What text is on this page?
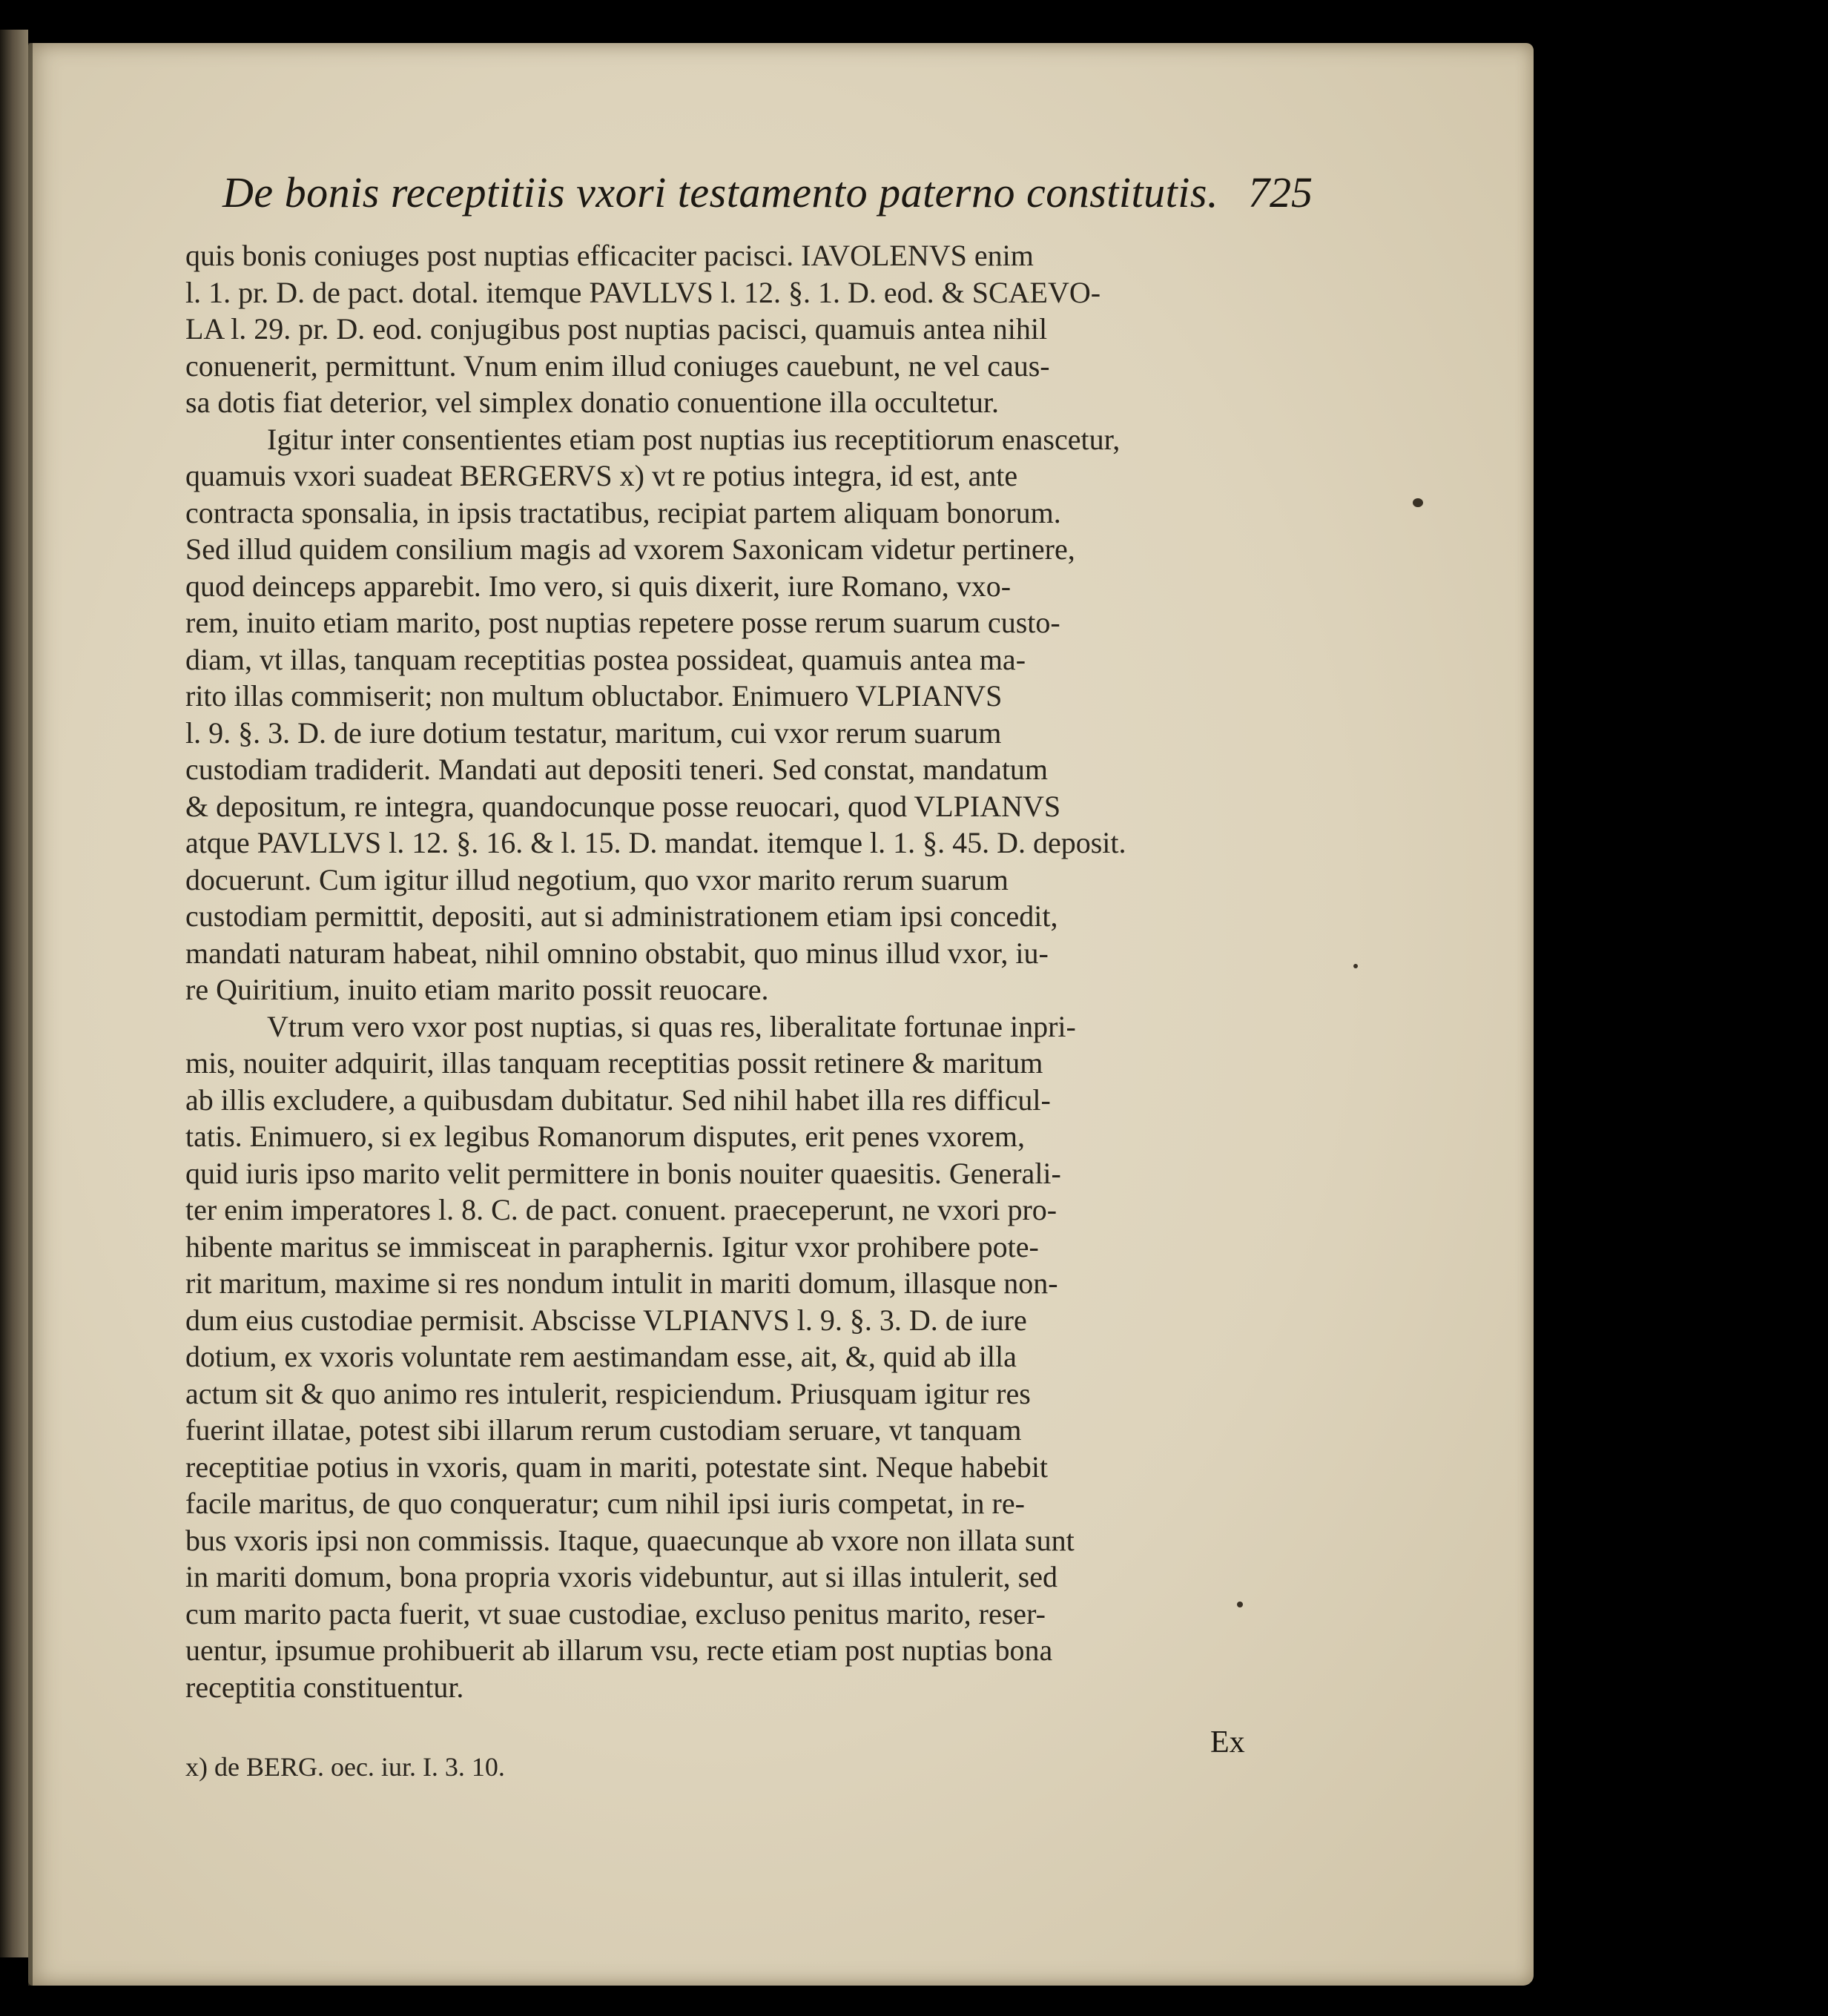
De bonis receptitiis vxori testamento paterno constitutis. 725
quis bonis coniuges post nuptias efficaciter pacisci. IAVOLENVS enim
l. 1. pr. D. de pact. dotal. itemque PAVLLVS l. 12. §. 1. D. eod. & SCAEVO-
LA l. 29. pr. D. eod. conjugibus post nuptias pacisci, quamuis antea nihil
conuenerit, permittunt. Vnum enim illud coniuges cauebunt, ne vel caus-
sa dotis fiat deterior, vel simplex donatio conuentione illa occultetur.
Igitur inter consentientes etiam post nuptias ius receptitiorum enascetur,
quamuis vxori suadeat BERGERVS x) vt re potius integra, id est, ante
contracta sponsalia, in ipsis tractatibus, recipiat partem aliquam bonorum.
Sed illud quidem consilium magis ad vxorem Saxonicam videtur pertinere,
quod deinceps apparebit. Imo vero, si quis dixerit, iure Romano, vxo-
rem, inuito etiam marito, post nuptias repetere posse rerum suarum custo-
diam, vt illas, tanquam receptitias postea possideat, quamuis antea ma-
rito illas commiserit; non multum obluctabor. Enimuero VLPIANVS
l. 9. §. 3. D. de iure dotium testatur, maritum, cui vxor rerum suarum
custodiam tradiderit. Mandati aut depositi teneri. Sed constat, mandatum
& depositum, re integra, quandocunque posse reuocari, quod VLPIANVS
atque PAVLLVS l. 12. §. 16. & l. 15. D. mandat. itemque l. 1. §. 45. D. deposit.
docuerunt. Cum igitur illud negotium, quo vxor marito rerum suarum
custodiam permittit, depositi, aut si administrationem etiam ipsi concedit,
mandati naturam habeat, nihil omnino obstabit, quo minus illud vxor, iu-
re Quiritium, inuito etiam marito possit reuocare.
Vtrum vero vxor post nuptias, si quas res, liberalitate fortunae inpri-
mis, nouiter adquirit, illas tanquam receptitias possit retinere & maritum
ab illis excludere, a quibusdam dubitatur. Sed nihil habet illa res difficul-
tatis. Enimuero, si ex legibus Romanorum disputes, erit penes vxorem,
quid iuris ipso marito velit permittere in bonis nouiter quaesitis. Generali-
ter enim imperatores l. 8. C. de pact. conuent. praeceperunt, ne vxori pro-
hibente maritus se immisceat in paraphernis. Igitur vxor prohibere pote-
rit maritum, maxime si res nondum intulit in mariti domum, illasque non-
dum eius custodiae permisit. Abscisse VLPIANVS l. 9. §. 3. D. de iure
dotium, ex vxoris voluntate rem aestimandam esse, ait, &, quid ab illa
actum sit & quo animo res intulerit, respiciendum. Priusquam igitur res
fuerint illatae, potest sibi illarum rerum custodiam seruare, vt tanquam
receptitiae potius in vxoris, quam in mariti, potestate sint. Neque habebit
facile maritus, de quo conqueratur; cum nihil ipsi iuris competat, in re-
bus vxoris ipsi non commissis. Itaque, quaecunque ab vxore non illata sunt
in mariti domum, bona propria vxoris videbuntur, aut si illas intulerit, sed
cum marito pacta fuerit, vt suae custodiae, excluso penitus marito, reser-
uentur, ipsumue prohibuerit ab illarum vsu, recte etiam post nuptias bona
receptitia constituentur.
Ex
x) de BERG. oec. iur. I. 3. 10.
